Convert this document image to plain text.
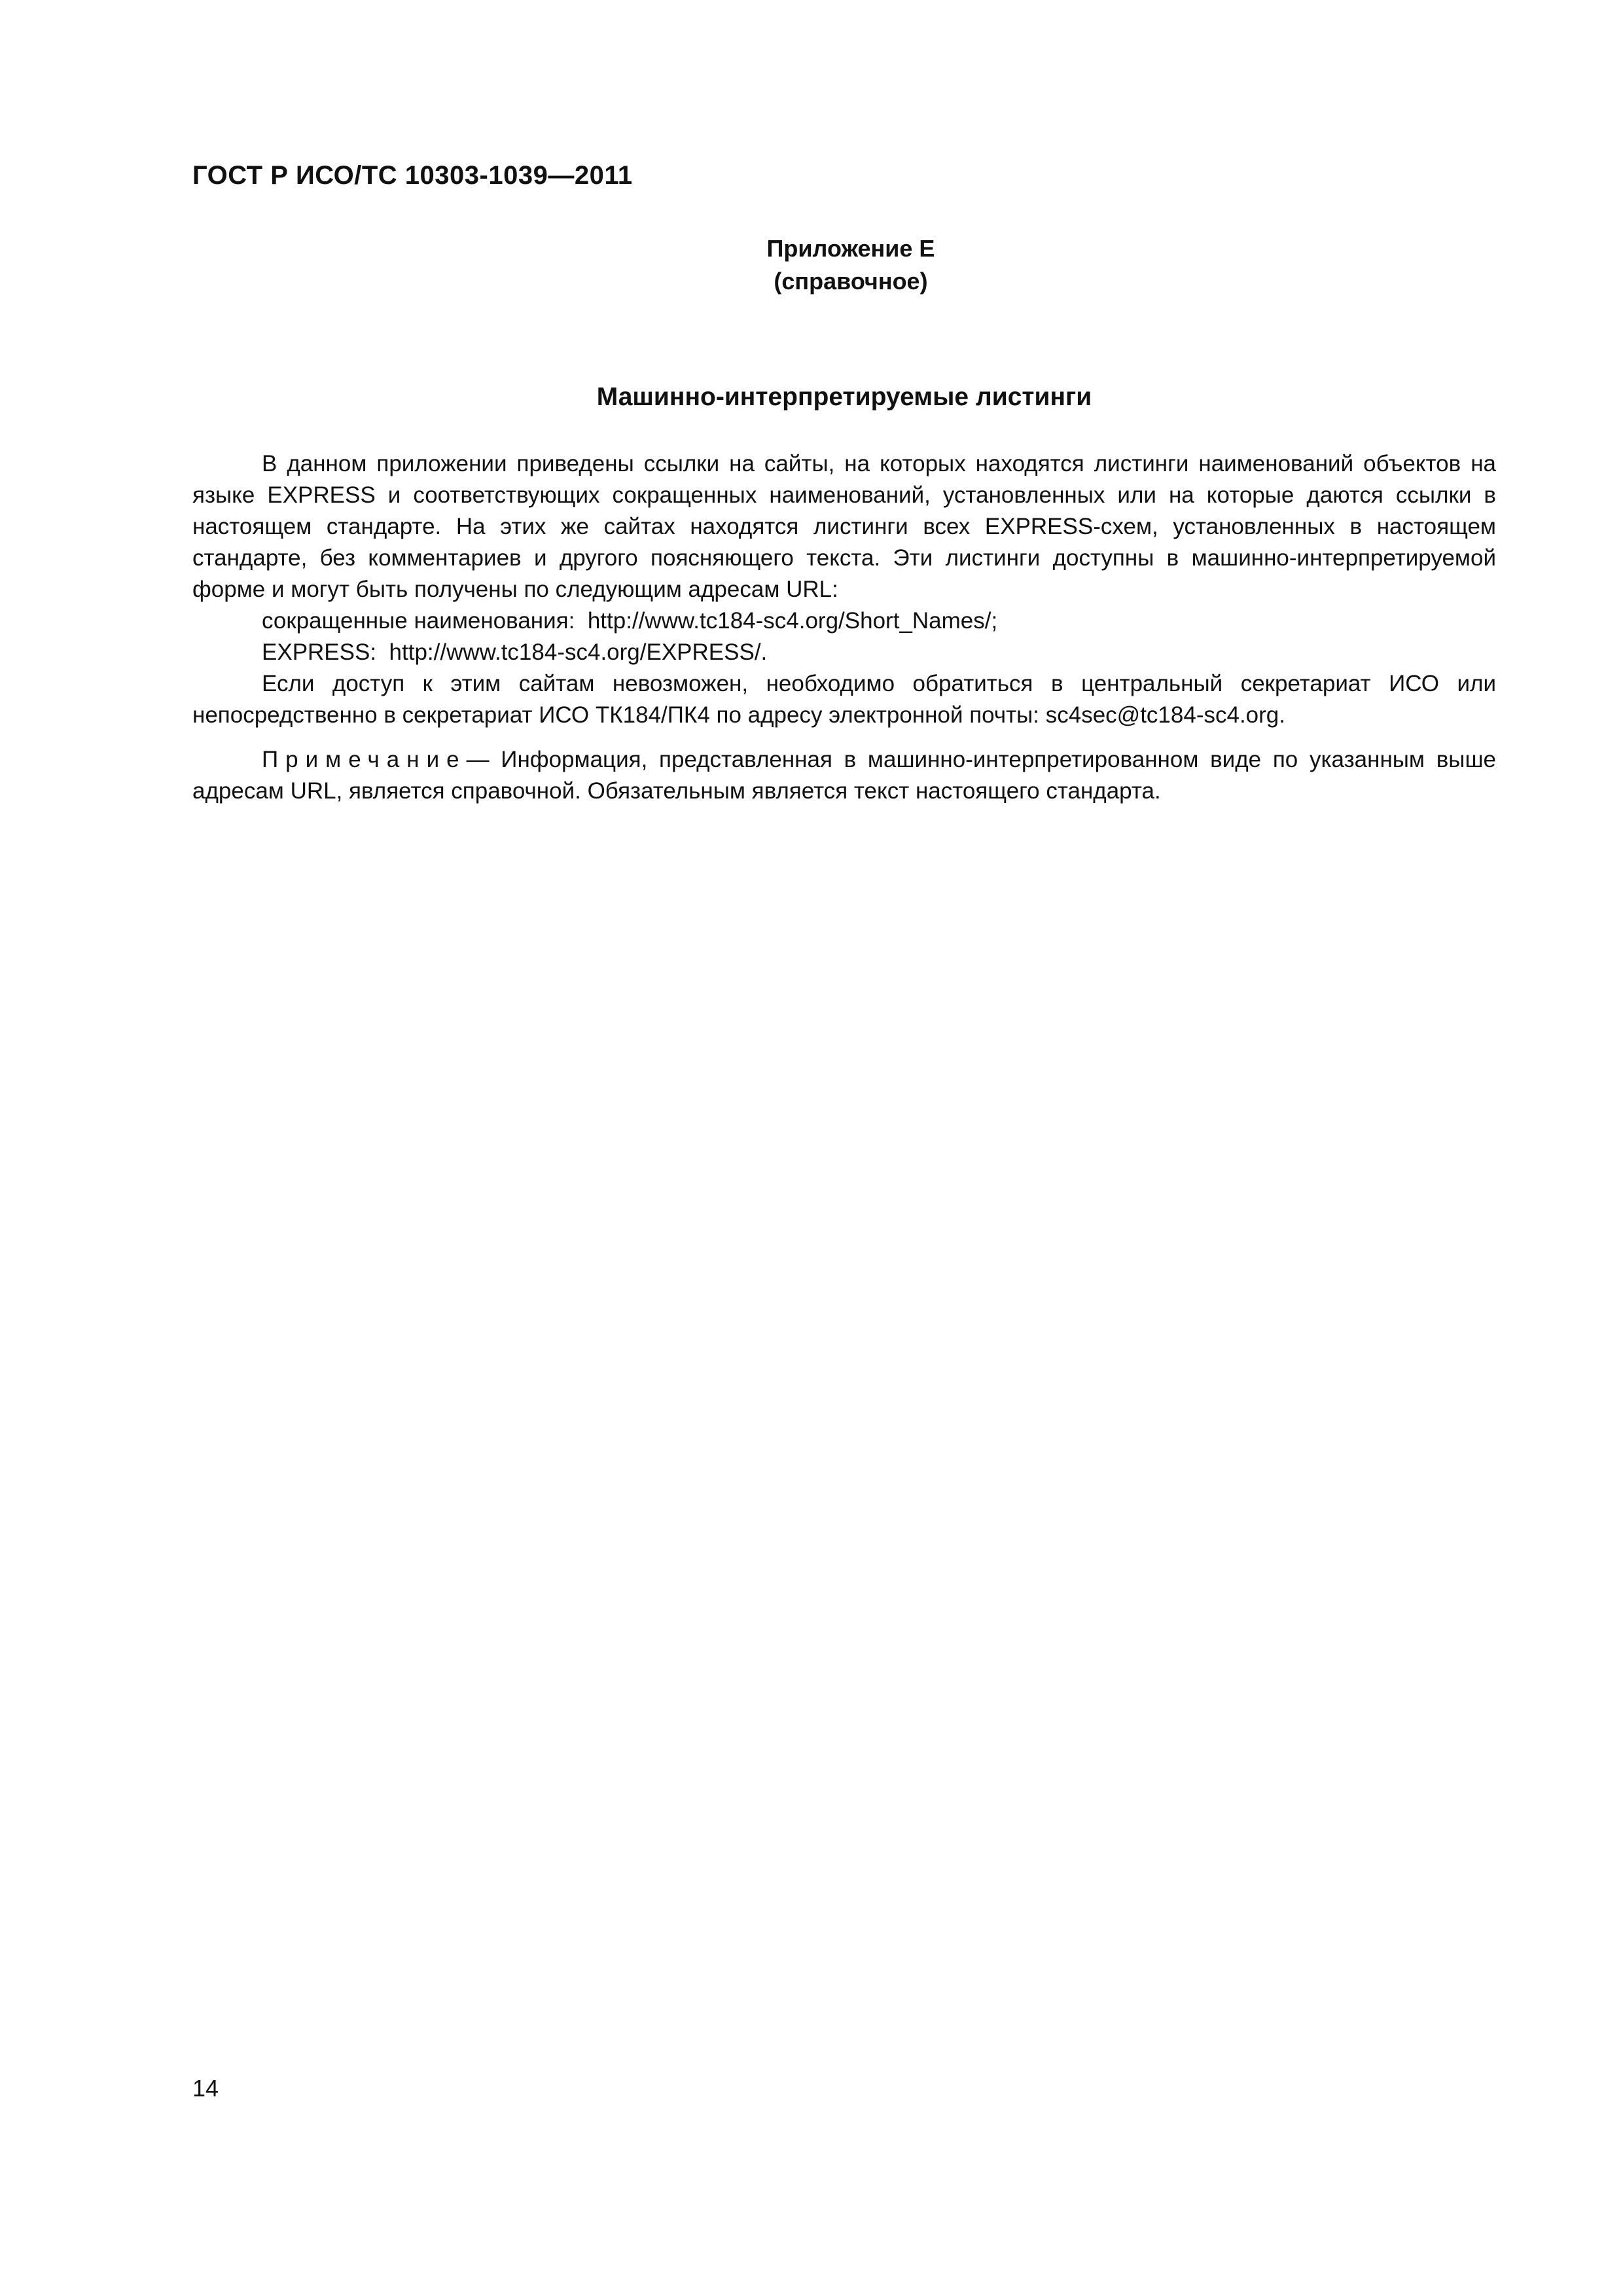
ГОСТ Р ИСО/ТС 10303-1039—2011
Приложение Е
(справочное)
Машинно-интерпретируемые листинги

В данном приложении приведены ссылки на сайты, на которых находятся листинги наименований объектов на языке EXPRESS и соответствующих сокращенных наименований, установленных или на которые даются ссылки в настоящем стандарте. На этих же сайтах находятся листинги всех EXPRESS-схем, установленных в настоящем стандарте, без комментариев и другого поясняющего текста. Эти листинги доступны в машинно-интерпретируемой форме и могут быть получены по следующим адресам URL:

сокращенные наименования: http://www.tc184-sc4.org/Short_Names/;

EXPRESS: http://www.tc184-sc4.org/EXPRESS/.

Если доступ к этим сайтам невозможен, необходимо обратиться в центральный секретариат ИСО или непосредственно в секретариат ИСО ТК184/ПК4 по адресу электронной почты: sc4sec@tc184-sc4.org.

Примечание— Информация, представленная в машинно-интерпретированном виде по указанным выше адресам URL, является справочной. Обязательным является текст настоящего стандарта.

14
